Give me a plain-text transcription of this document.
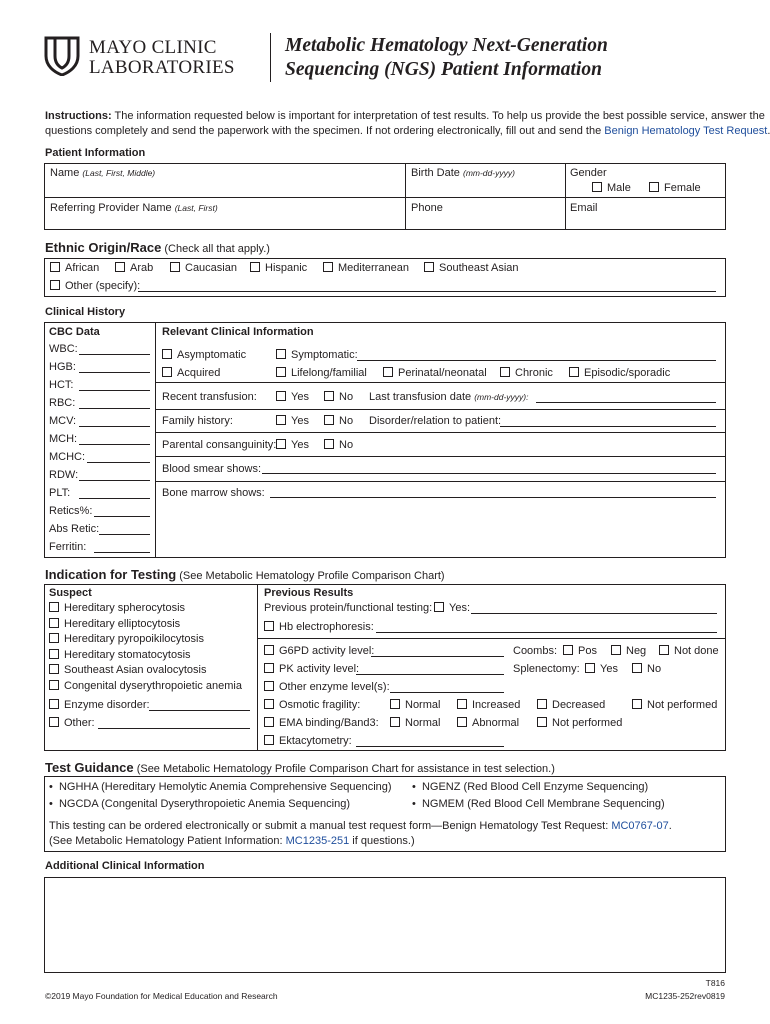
MAYO CLINIC
LABORATORIES
Metabolic Hematology Next-Generation
Sequencing (NGS) Patient Information
Instructions: The information requested below is important for interpretation of test results. To help us provide the best possible service, answer the
questions completely and send the paperwork with the specimen. If not ordering electronically, fill out and send the Benign Hematology Test Request
Patient Information
Name (Last, First, Middle)	Birth Date (mm-dd-yyyy)	Gender
Male	Female
Referring Provider Name (Last, First)	Phone	Email
Ethnic Origin/Race (Check all that apply.)
African	Arab	Caucasian	Hispanic	Mediterranean	Southeast Asian
Other (specify):
Clinical History
CBC Data	Relevant Clinical Information
WBC:
HGB:
HCT:
RBC:
MCV:
MCH:
MCHC:
RDW:
PLT:
Retics%:
Abs Retic:
Ferritin:
Asymptomatic	Symptomatic:
Acquired	Lifelong/familial	Perinatal/neonatal	Chronic	Episodic/sporadic
Recent transfusion:	Yes	No Last transfusion date (mm-dd-yyyy):
Family history:	Yes	No Disorder/relation to patient:
Parental consanguinity:	Yes	No
Blood smear shows:
Bone marrow shows:
Indication for Testing (See Metabolic Hematology Profile Comparison Chart)
Suspect	Previous Results
Hereditary spherocytosis
Hereditary elliptocytosis
Hereditary pyropoikilocytosis
Hereditary stomatocytosis
Southeast Asian ovalocytosis
Congenital dyserythropoietic anemia
Enzyme disorder:
Other:
Previous protein/functional testing:	Yes:
Hb electrophoresis:
G6PD activity level:	Coombs:	Pos	Neg	Not done
PK activity level:	Splenectomy:	Yes	No
Other enzyme level(s):
Osmotic fragility:	Normal	Increased	Decreased	Not performed
EMA binding/Band3:	Normal	Abnormal	Not performed
Ektacytometry:
Test Guidance (See Metabolic Hematology Profile Comparison Chart for assistance in test selection.)
•  NGHHA (Hereditary Hemolytic Anemia Comprehensive Sequencing)
•  NGCDA (Congenital Dyserythropoietic Anemia Sequencing)
•  NGENZ (Red Blood Cell Enzyme Sequencing)
•  NGMEM (Red Blood Cell Membrane Sequencing)
This testing can be ordered electronically or submit a manual test request form—Benign Hematology Test Request: MC0767-07.
(See Metabolic Hematology Patient Information: MC1235-251 if questions.)
Additional Clinical Information
©2019 Mayo Foundation for Medical Education and Research
T816
MC1235-252rev0819
